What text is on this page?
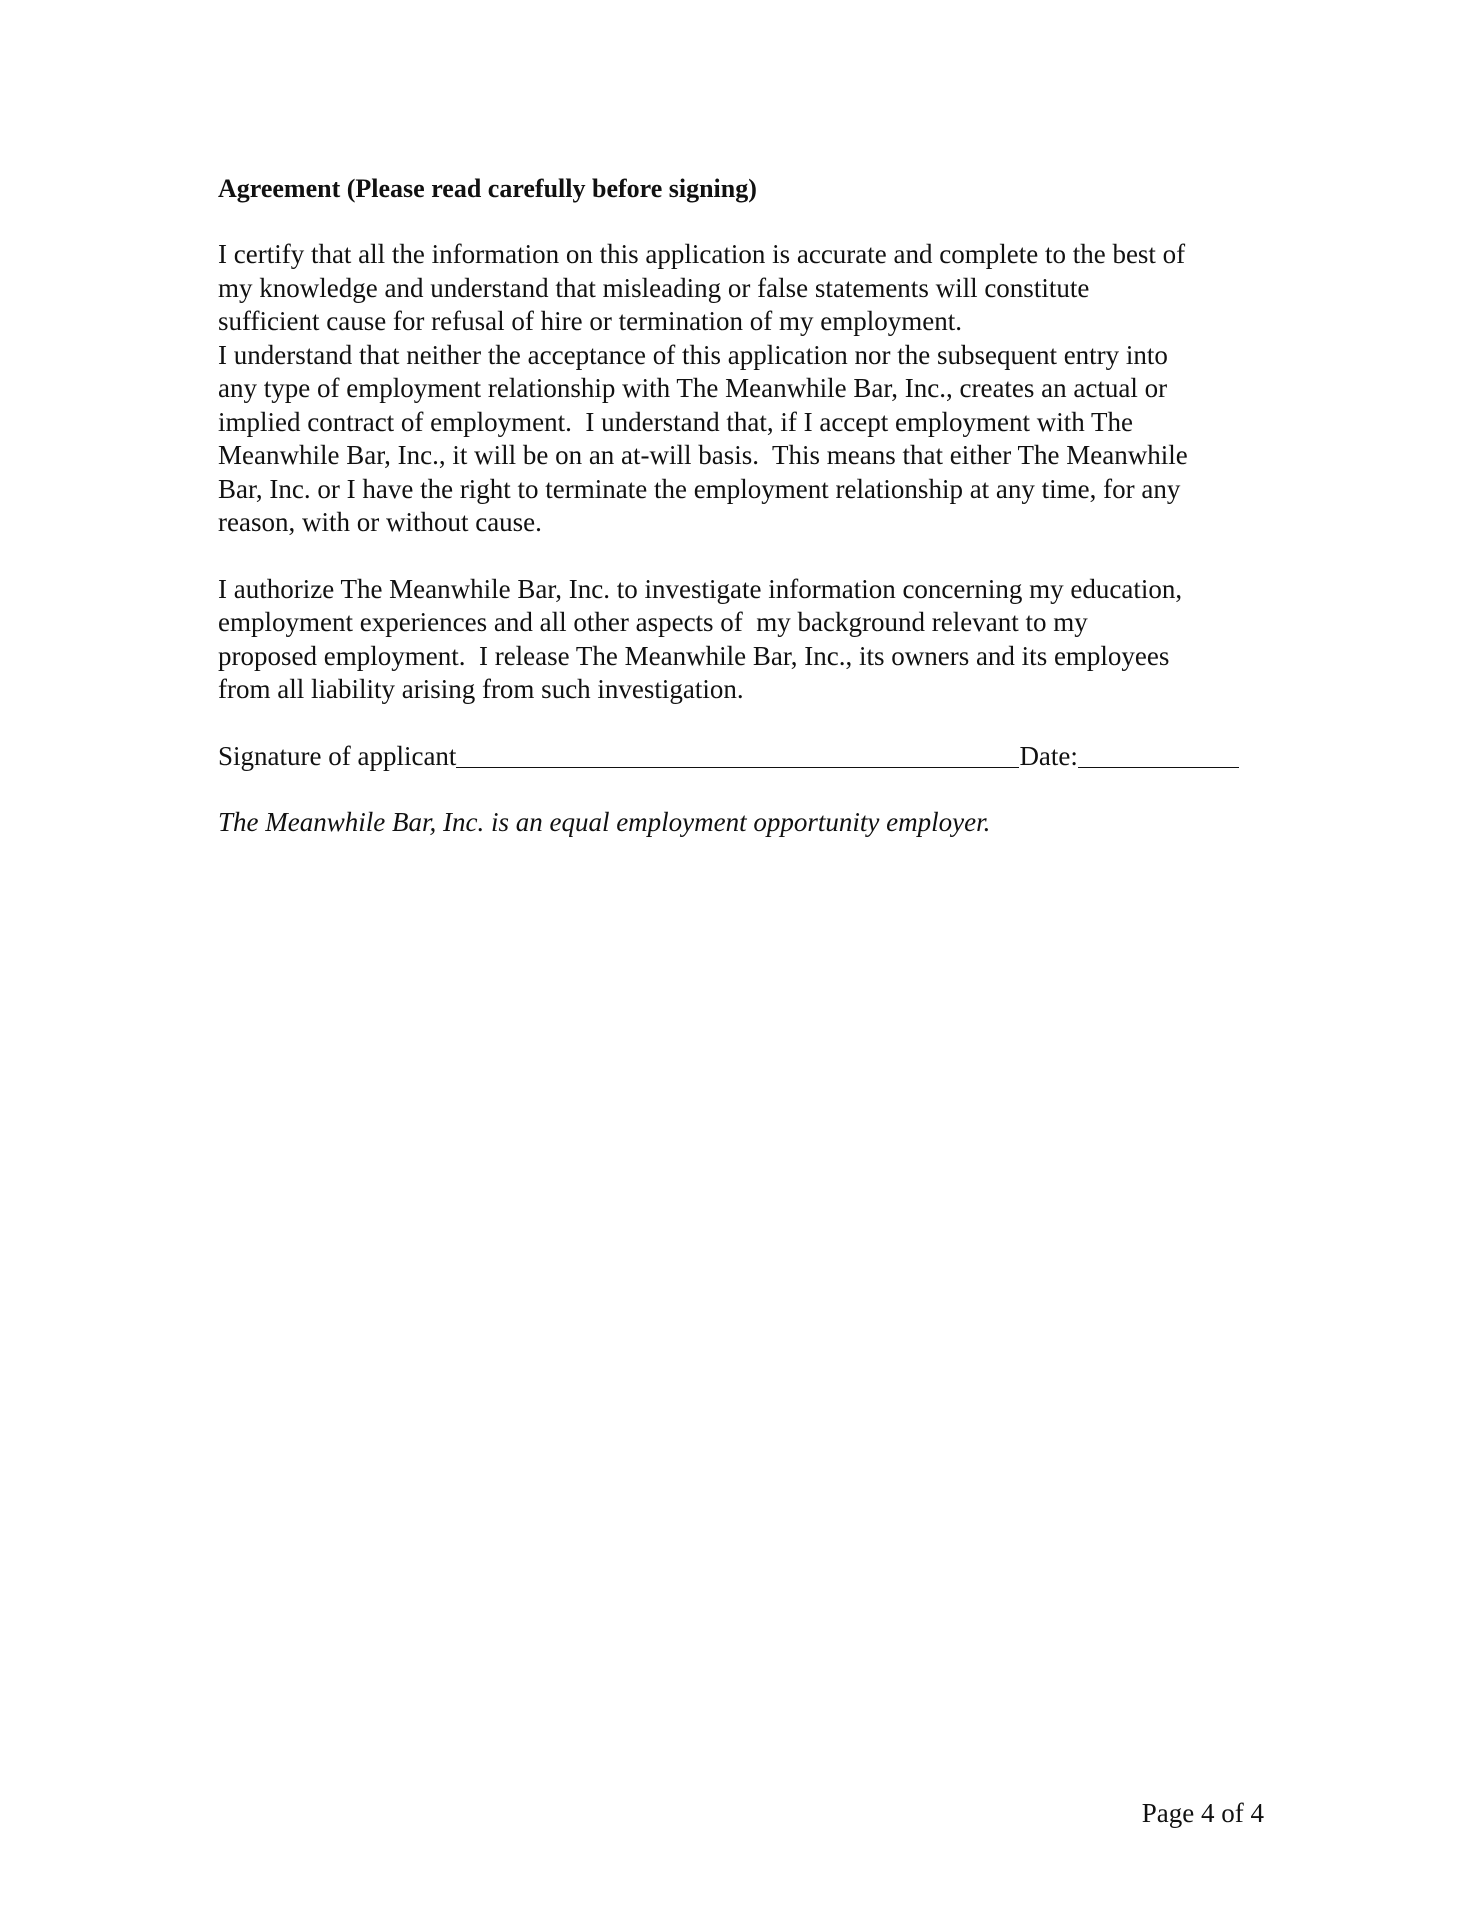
Agreement (Please read carefully before signing)
I certify that all the information on this application is accurate and complete to the best of
my knowledge and understand that misleading or false statements will constitute
sufficient cause for refusal of hire or termination of my employment.
I understand that neither the acceptance of this application nor the subsequent entry into
any type of employment relationship with The Meanwhile Bar, Inc., creates an actual or
implied contract of employment.  I understand that, if I accept employment with The
Meanwhile Bar, Inc., it will be on an at-will basis.  This means that either The Meanwhile
Bar, Inc. or I have the right to terminate the employment relationship at any time, for any
reason, with or without cause.
I authorize The Meanwhile Bar, Inc. to investigate information concerning my education,
employment experiences and all other aspects of  my background relevant to my
proposed employment.  I release The Meanwhile Bar, Inc., its owners and its employees
from all liability arising from such investigation.
Signature of applicant	Date:
The Meanwhile Bar, Inc. is an equal employment opportunity employer.
Page 4 of 4
